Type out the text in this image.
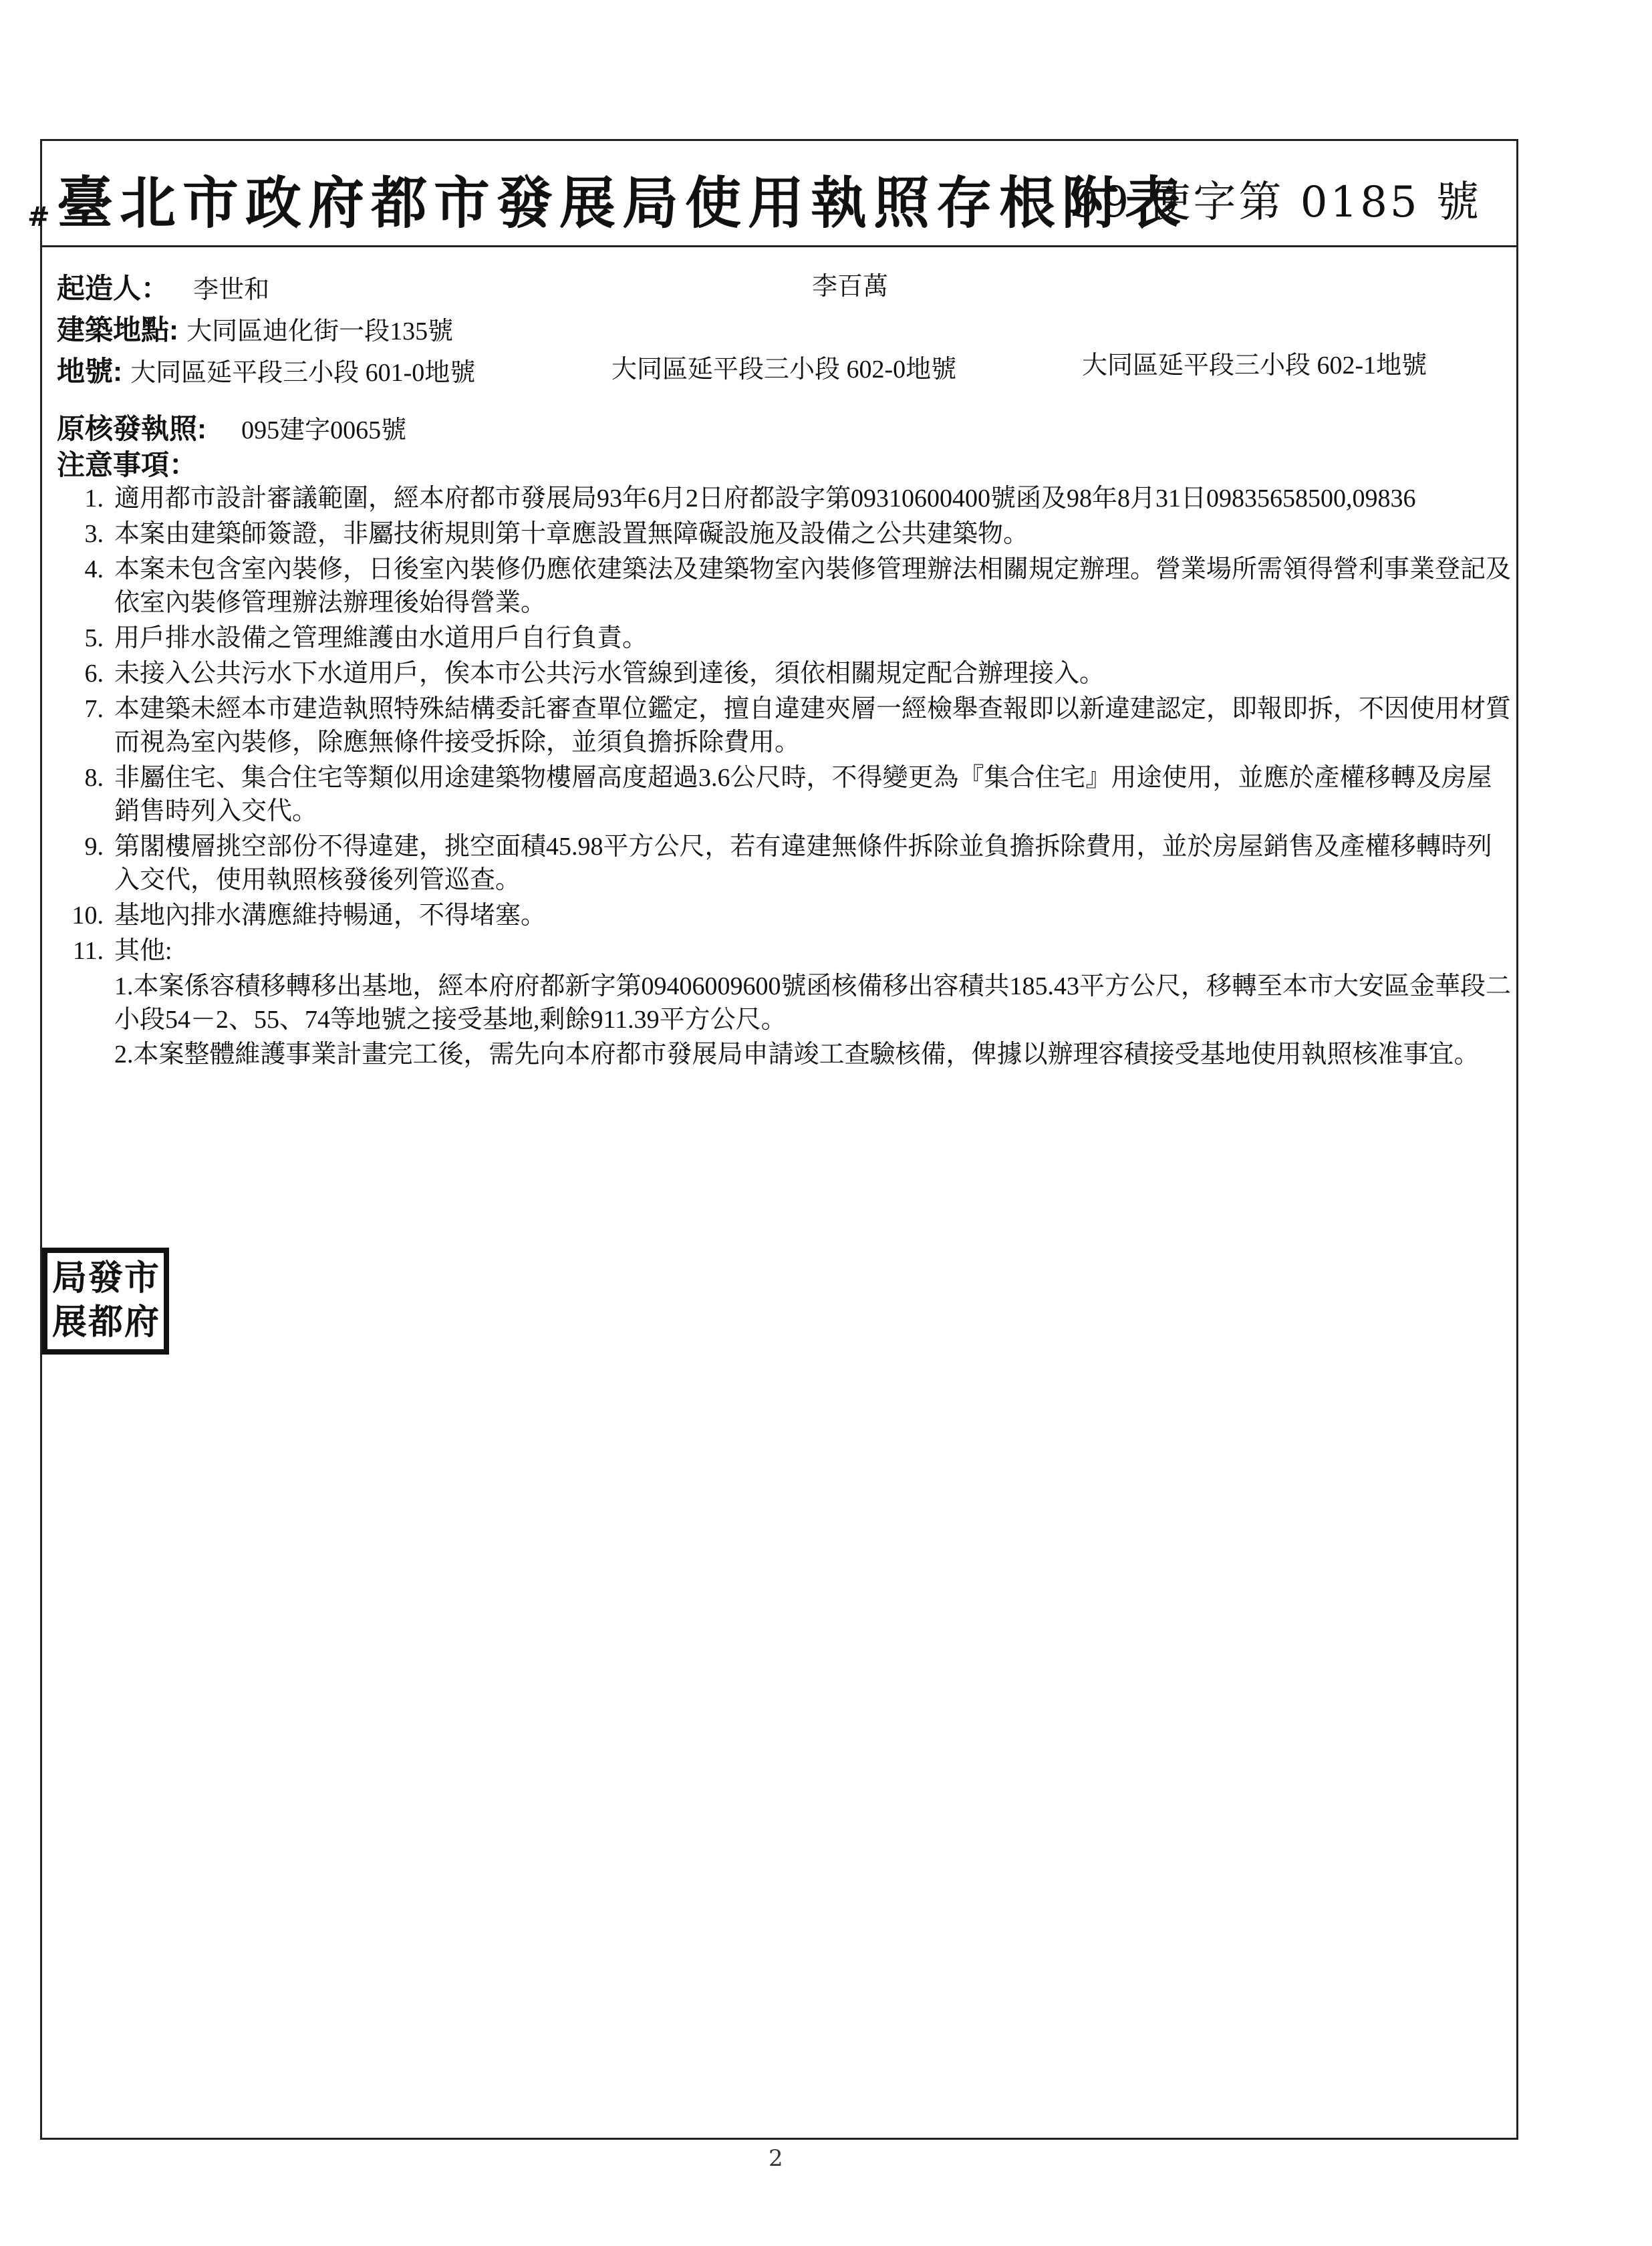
# 臺北市政府都市發展局使用執照存根附表
99 使字第 0185 號
起造人： 李世和	李百萬
建築地點: 大同區迪化街一段135號
地號: 大同區延平段三小段 601-0地號	大同區延平段三小段 602-0地號	大同區延平段三小段 602-1地號
原核發執照: 095建字0065號
注意事項：
1. 適用都市設計審議範圍，經本府都市發展局93年6月2日府都設字第09310600400號函及98年8月31日09835658500,09836
3. 本案由建築師簽證，非屬技術規則第十章應設置無障礙設施及設備之公共建築物。
4. 本案未包含室內裝修，日後室內裝修仍應依建築法及建築物室內裝修管理辦法相關規定辦理。營業場所需領得營利事業登記及依室內裝修管理辦法辦理後始得營業。
5. 用戶排水設備之管理維護由水道用戶自行負責。
6. 未接入公共污水下水道用戶，俟本市公共污水管線到達後，須依相關規定配合辦理接入。
7. 本建築未經本市建造執照特殊結構委託審查單位鑑定，擅自違建夾層一經檢舉查報即以新違建認定，即報即拆，不因使用材質而視為室內裝修，除應無條件接受拆除，並須負擔拆除費用。
8. 非屬住宅、集合住宅等類似用途建築物樓層高度超過3.6公尺時，不得變更為『集合住宅』用途使用，並應於產權移轉及房屋銷售時列入交代。
9. 第閣樓層挑空部份不得違建，挑空面積45.98平方公尺，若有違建無條件拆除並負擔拆除費用，並於房屋銷售及產權移轉時列入交代，使用執照核發後列管巡查。
10. 基地內排水溝應維持暢通，不得堵塞。
11. 其他:
1.本案係容積移轉移出基地，經本府府都新字第09406009600號函核備移出容積共185.43平方公尺，移轉至本市大安區金華段二小段54－2、55、74等地號之接受基地,剩餘911.39平方公尺。
2.本案整體維護事業計畫完工後，需先向本府都市發展局申請竣工查驗核備，俾據以辦理容積接受基地使用執照核准事宜。
局 發 市
展 都 府
2
